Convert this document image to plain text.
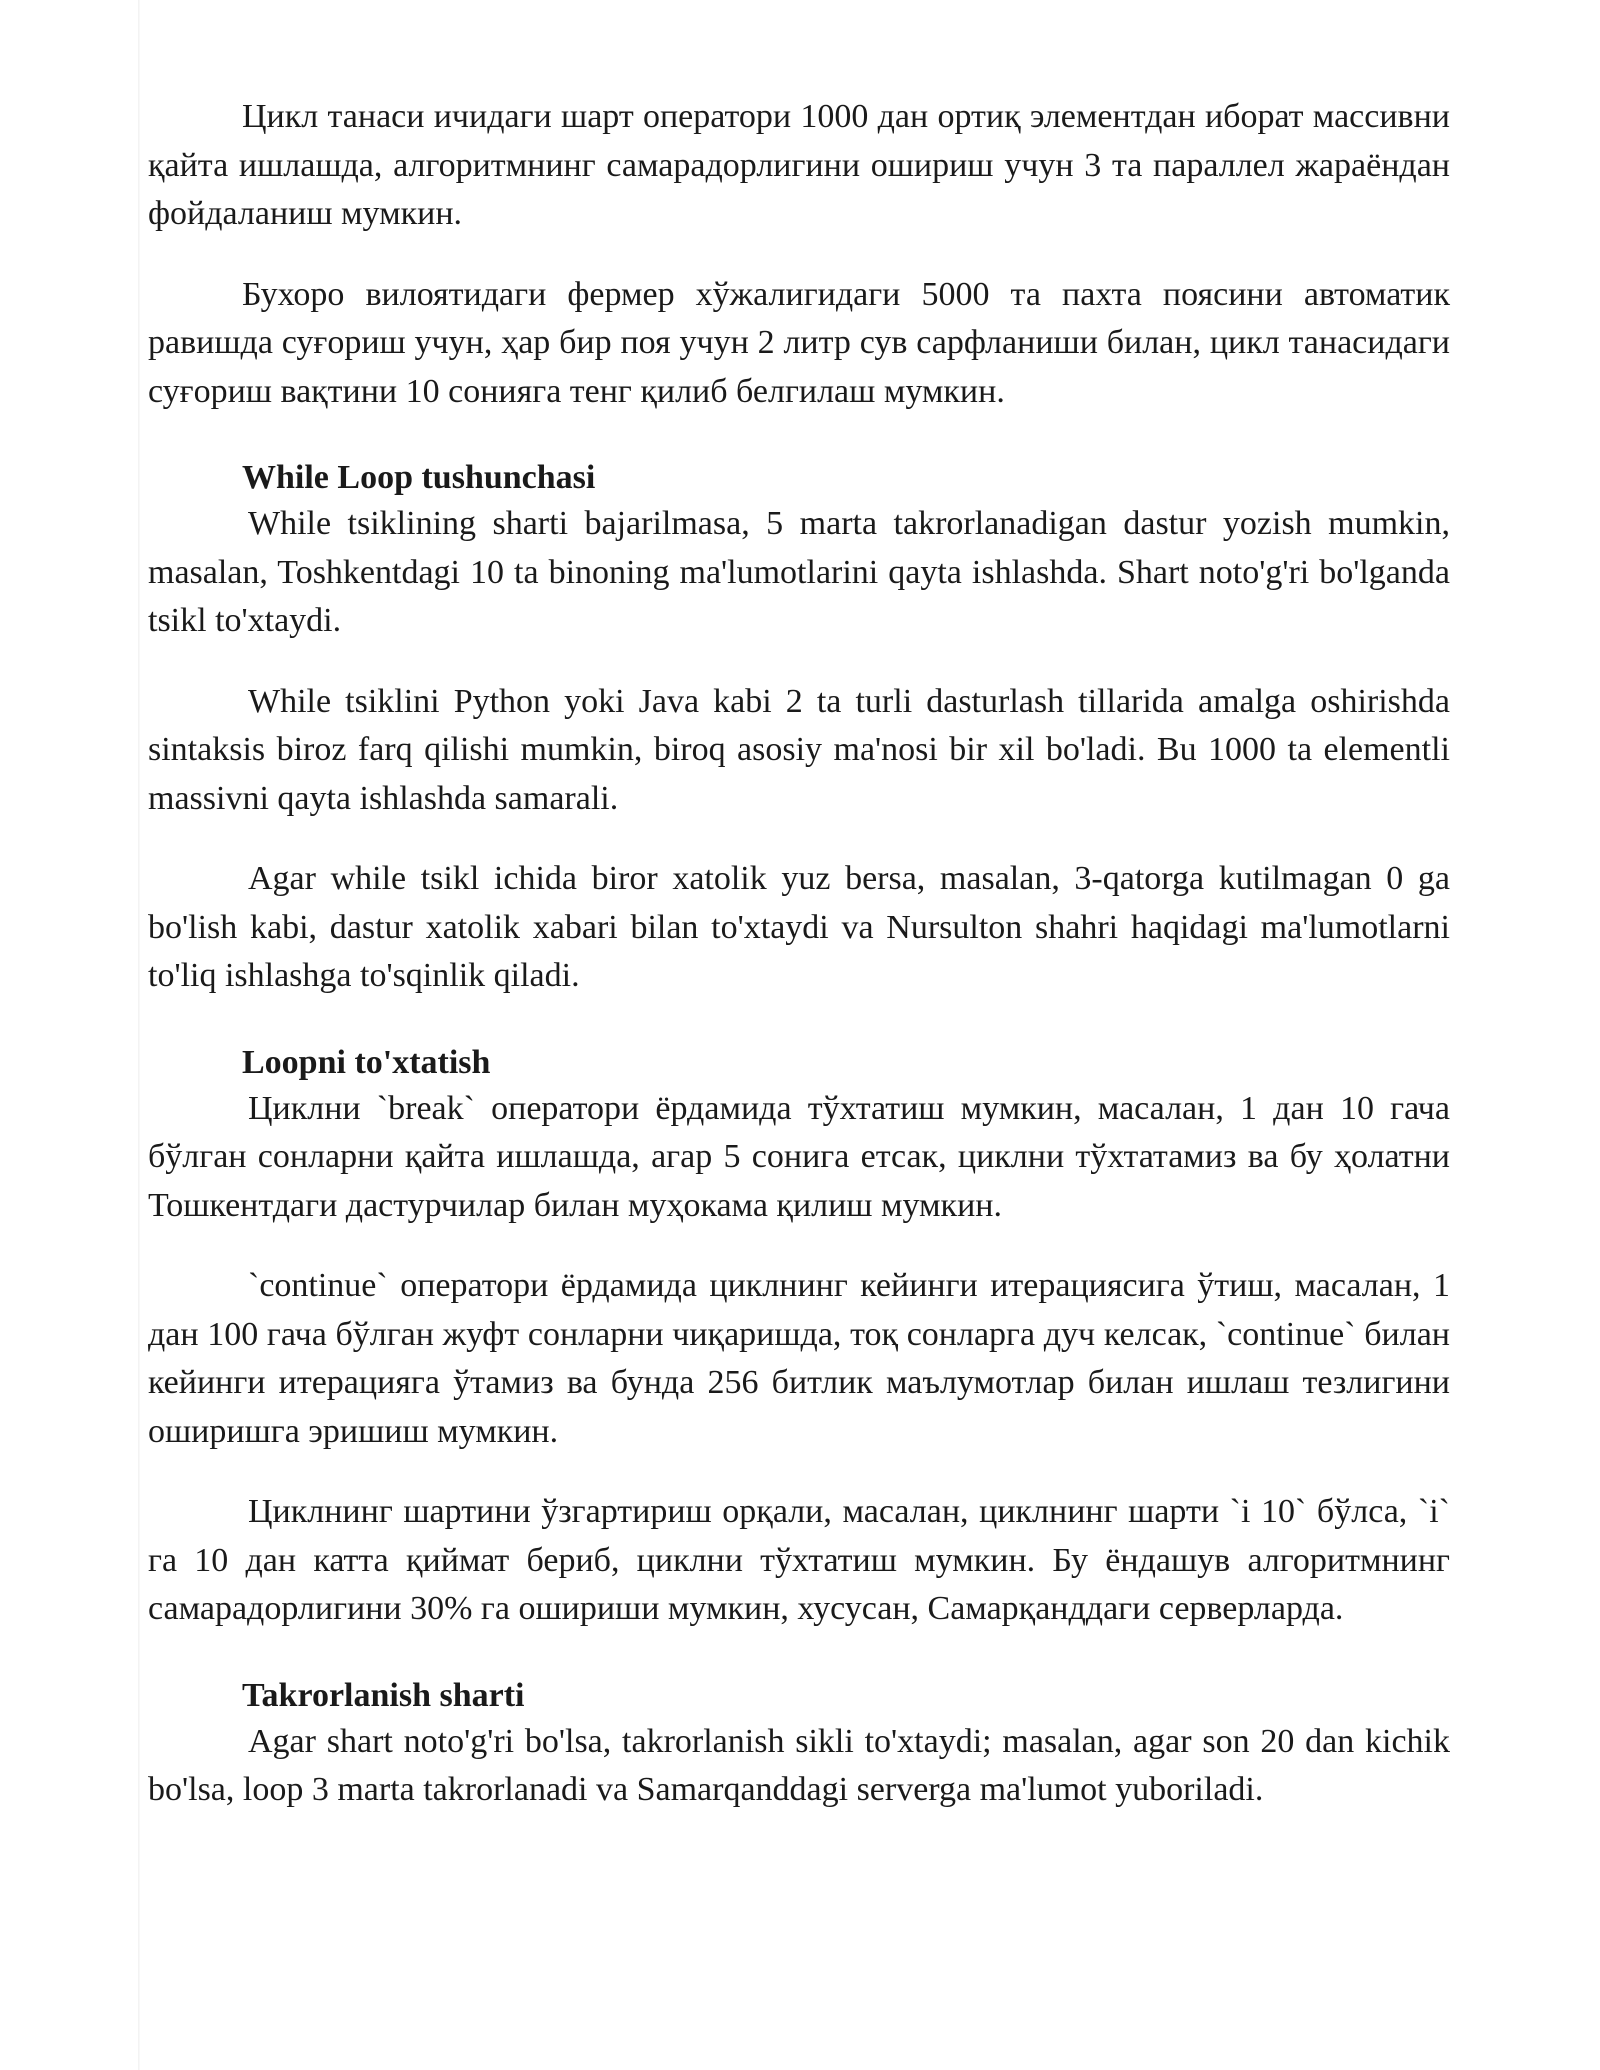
Цикл танаси ичидаги шарт оператори 1000 дан ортиқ элементдан иборат массивни қайта ишлашда, алгоритмнинг самарадорлигини ошириш учун 3 та параллел жараёндан фойдаланиш мумкин.

Бухоро вилоятидаги фермер хўжалигидаги 5000 та пахта поясини автоматик равишда суғориш учун, ҳар бир поя учун 2 литр сув сарфланиши билан, цикл танасидаги суғориш вақтини 10 сонияга тенг қилиб белгилаш мумкин.

While Loop tushunchasi

While tsiklining sharti bajarilmasa, 5 marta takrorlanadigan dastur yozish mumkin, masalan, Toshkentdagi 10 ta binoning ma'lumotlarini qayta ishlashda. Shart noto'g'ri bo'lganda tsikl to'xtaydi.

While tsiklini Python yoki Java kabi 2 ta turli dasturlash tillarida amalga oshirishda sintaksis biroz farq qilishi mumkin, biroq asosiy ma'nosi bir xil bo'ladi. Bu 1000 ta elementli massivni qayta ishlashda samarali.

Agar while tsikl ichida biror xatolik yuz bersa, masalan, 3-qatorga kutilmagan 0 ga bo'lish kabi, dastur xatolik xabari bilan to'xtaydi va Nursulton shahri haqidagi ma'lumotlarni to'liq ishlashga to'sqinlik qiladi.

Loopni to'xtatish

Циклни `break` оператори ёрдамида тўхтатиш мумкин, масалан, 1 дан 10 гача бўлган сонларни қайта ишлашда, агар 5 сонига етсак, циклни тўхтатамиз ва бу ҳолатни Тошкентдаги дастурчилар билан муҳокама қилиш мумкин.

`continue` оператори ёрдамида циклнинг кейинги итерациясига ўтиш, масалан, 1 дан 100 гача бўлган жуфт сонларни чиқаришда, тоқ сонларга дуч келсак, `continue` билан кейинги итерацияга ўтамиз ва бунда 256 битлик маълумотлар билан ишлаш тезлигини оширишга эришиш мумкин.

Циклнинг шартини ўзгартириш орқали, масалан, циклнинг шарти `i 10` бўлса, `i` га 10 дан катта қиймат бериб, циклни тўхтатиш мумкин. Бу ёндашув алгоритмнинг самарадорлигини 30% га ошириши мумкин, хусусан, Самарқанддаги серверларда.

Takrorlanish sharti

Agar shart noto'g'ri bo'lsa, takrorlanish sikli to'xtaydi; masalan, agar son 20 dan kichik bo'lsa, loop 3 marta takrorlanadi va Samarqanddagi serverga ma'lumot yuboriladi.
